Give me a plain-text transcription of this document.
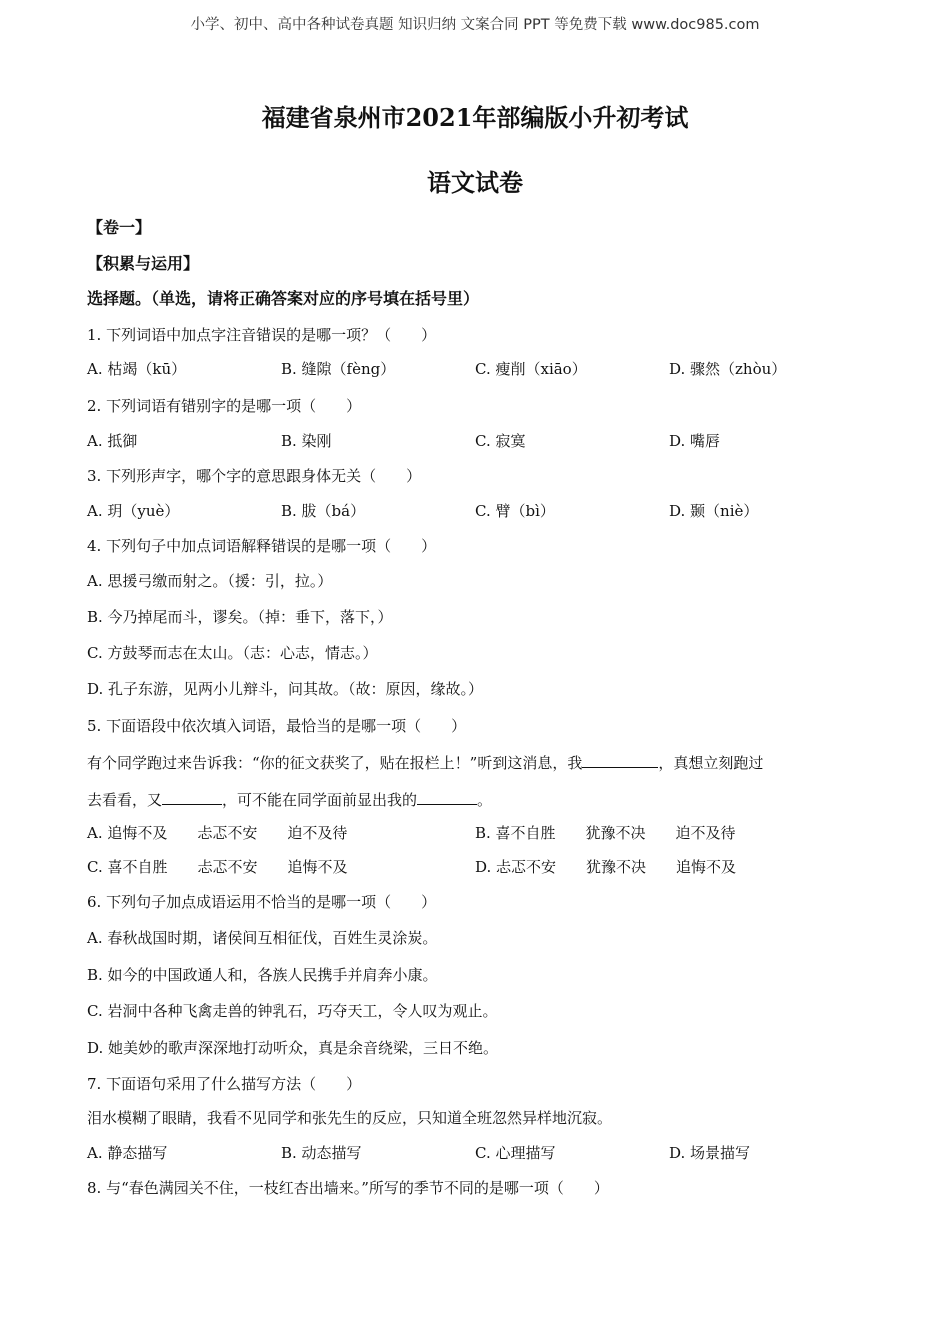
小学、初中、高中各种试卷真题 知识归纳 文案合同 PPT 等免费下载 www.doc985.com
福建省泉州市2021年部编版小升初考试
语文试卷
【卷一】
【积累与运用】
选择题。（单选，请将正确答案对应的序号填在括号里）
1. 下列词语中加点字注音错误的是哪一项？（　　）
A. 枯竭（kū）	B. 缝隙（fèng）	C. 瘦削（xiāo）	D. 骤然（zhòu）
2. 下列词语有错别字的是哪一项（　　）
A. 抵御	B. 染刚	C. 寂寞	D. 嘴唇
3. 下列形声字，哪个字的意思跟身体无关（　　）
A. 玥（yuè）	B. 胈（bá）	C. 臂（bì）	D. 颞（niè）
4. 下列句子中加点词语解释错误的是哪一项（　　）
A. 思援弓缴而射之。（援：引，拉。）
B. 今乃掉尾而斗，谬矣。（掉：垂下，落下，）
C. 方鼓琴而志在太山。（志：心志，情志。）
D. 孔子东游，见两小儿辩斗，问其故。（故：原因，缘故。）
5. 下面语段中依次填入词语，最恰当的是哪一项（　　）
有个同学跑过来告诉我：“你的征文获奖了，贴在报栏上！”听到这消息，我	，真想立刻跑过
去看看，又	，可不能在同学面前显出我的	。
A. 追悔不及　　忐忑不安　　迫不及待	B. 喜不自胜　　犹豫不决　　迫不及待
C. 喜不自胜　　忐忑不安　　追悔不及	D. 忐忑不安　　犹豫不决　　追悔不及
6. 下列句子加点成语运用不恰当的是哪一项（　　）
A. 春秋战国时期，诸侯间互相征伐，百姓生灵涂炭。
B. 如今的中国政通人和，各族人民携手并肩奔小康。
C. 岩洞中各种飞禽走兽的钟乳石，巧夺天工，令人叹为观止。
D. 她美妙的歌声深深地打动听众，真是余音绕梁，三日不绝。
7. 下面语句采用了什么描写方法（　　）
泪水模糊了眼睛，我看不见同学和张先生的反应，只知道全班忽然异样地沉寂。
A. 静态描写	B. 动态描写	C. 心理描写	D. 场景描写
8. 与“春色满园关不住，一枝红杏出墙来。”所写的季节不同的是哪一项（　　）
